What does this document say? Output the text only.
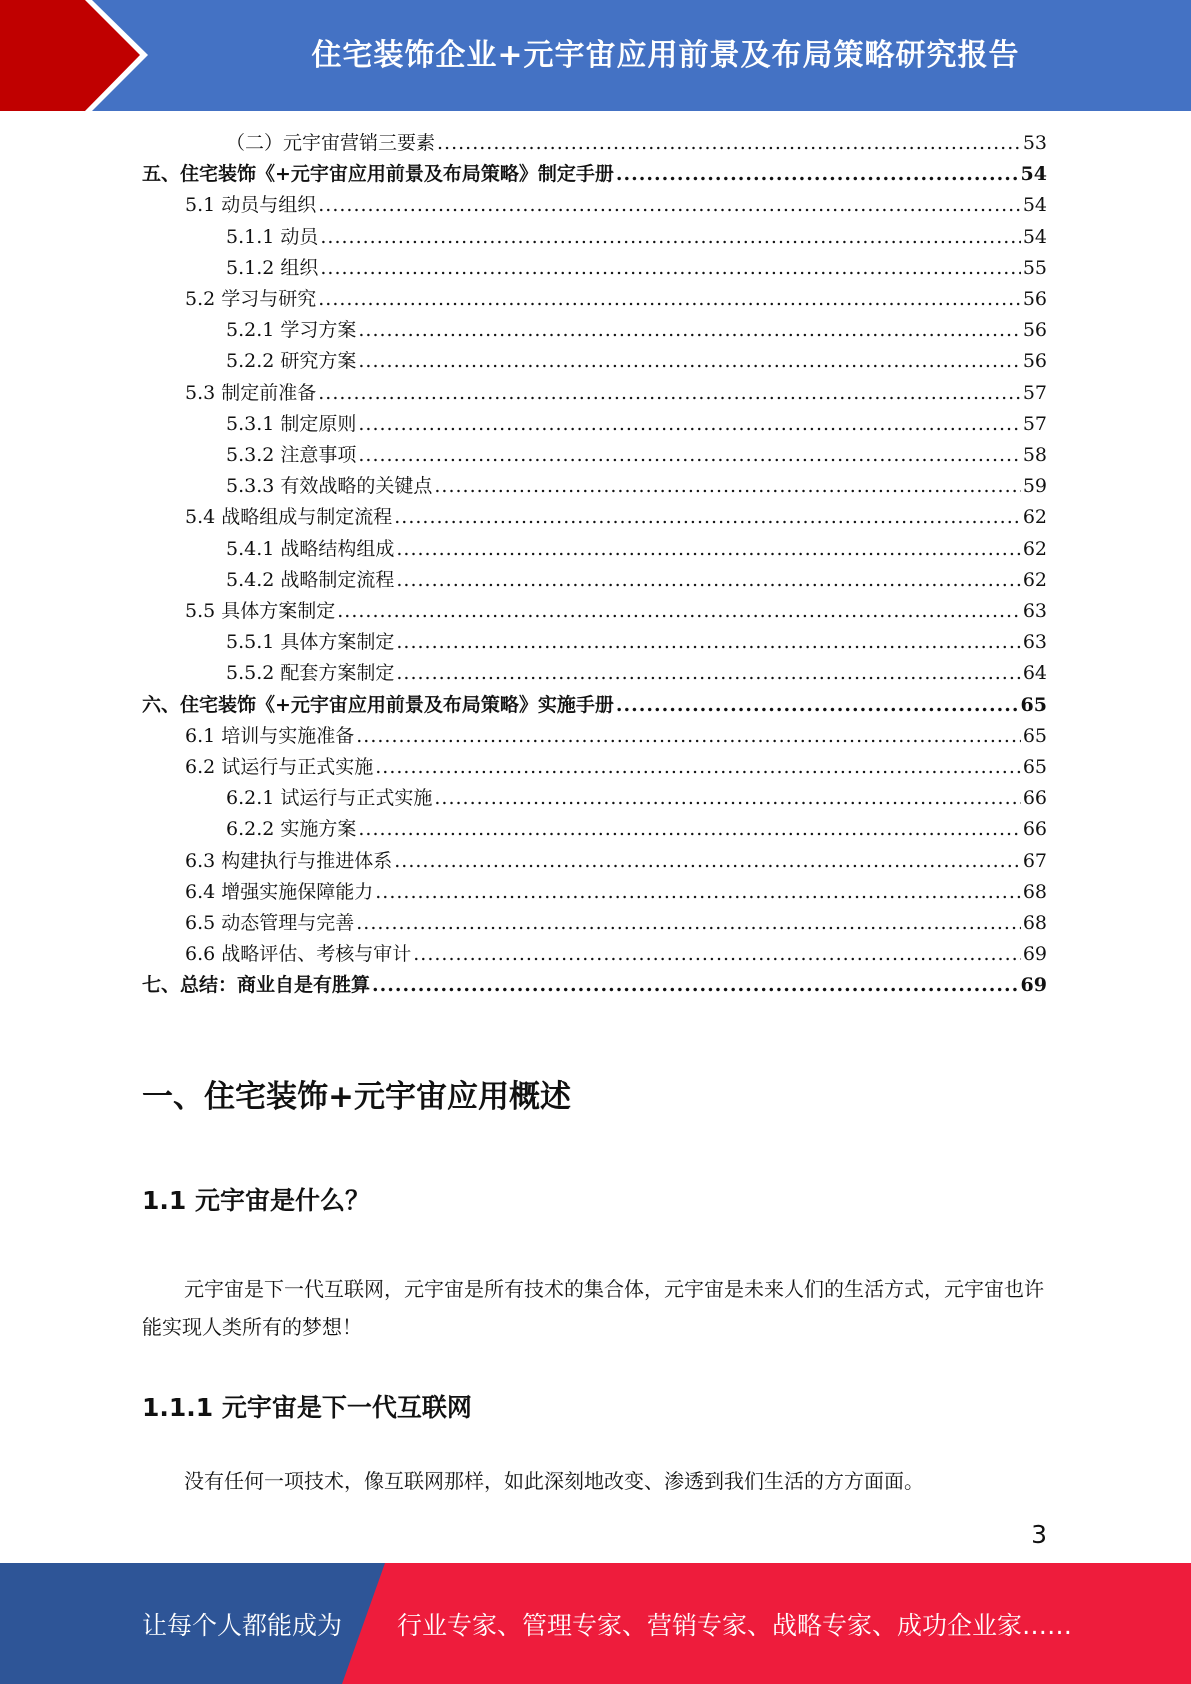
住宅装饰企业+元宇宙应用前景及布局策略研究报告
（二）元宇宙营销三要素 .....	53
五、住宅装饰《+元宇宙应用前景及布局策略》制定手册 .....	54
5.1 动员与组织 .....	54
5.1.1 动员 .....	54
5.1.2 组织 .....	55
5.2 学习与研究 .....	56
5.2.1 学习方案 .....	56
5.2.2 研究方案 .....	56
5.3 制定前准备 .....	57
5.3.1 制定原则 .....	57
5.3.2 注意事项 .....	58
5.3.3 有效战略的关键点 .....	59
5.4 战略组成与制定流程 .....	62
5.4.1 战略结构组成 .....	62
5.4.2 战略制定流程 .....	62
5.5 具体方案制定 .....	63
5.5.1 具体方案制定 .....	63
5.5.2 配套方案制定 .....	64
六、住宅装饰《+元宇宙应用前景及布局策略》实施手册 .....	65
6.1 培训与实施准备 .....	65
6.2 试运行与正式实施 .....	65
6.2.1 试运行与正式实施 .....	66
6.2.2 实施方案 .....	66
6.3 构建执行与推进体系 .....	67
6.4 增强实施保障能力 .....	68
6.5 动态管理与完善 .....	68
6.6 战略评估、考核与审计 .....	69
七、总结：商业自是有胜算 .....	69
一、住宅装饰+元宇宙应用概述
1.1 元宇宙是什么？
元宇宙是下一代互联网，元宇宙是所有技术的集合体，元宇宙是未来人们的生活方式，元宇宙也许能实现人类所有的梦想！
1.1.1 元宇宙是下一代互联网
没有任何一项技术，像互联网那样，如此深刻地改变、渗透到我们生活的方方面面。
3
让每个人都能成为 行业专家、管理专家、营销专家、战略专家、成功企业家……
